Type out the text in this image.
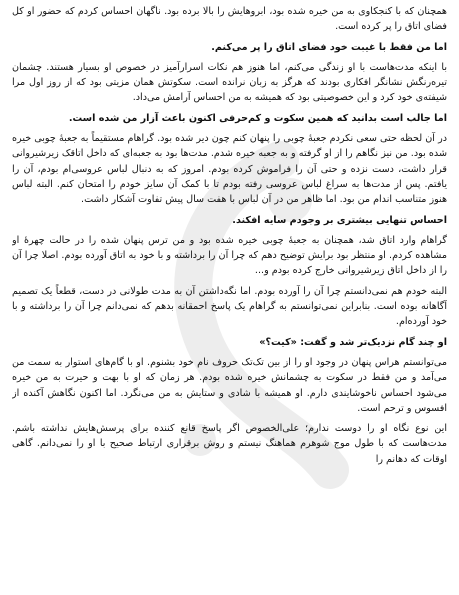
همچنان که با کنجکاوی به من خیره شده بود، ابروهایش را بالا برده بود. ناگهان احساس کردم که حضور او کل فضای اتاق را پر کرده است.

اما من فقط با غیبت خود فضای اتاق را پر می‌کنم.

با اینکه مدت‌هاست با او زندگی می‌کنم، اما هنوز هم نکات اسرارآمیز در خصوص او بسیار هستند. چشمان تیره‌رنگش نشانگر افکاری بودند که هرگز به زبان نرانده است. سکوتش همان مزیتی بود که از روز اول مرا شیفته‌ی خود کرد و این خصوصیتی بود که همیشه به من احساس آرامش می‌داد.

اما جالب است بدانید که همین سکوت و کم‌حرفی اکنون باعث آزار من شده است.

در آن لحظه حتی سعی نکردم جعبهٔ چوبی را پنهان کنم چون دیر شده بود. گراهام مستقیماً به جعبهٔ چوبی خیره شده بود. من نیز نگاهم را از او گرفته و به جعبه خیره شدم. مدت‌ها بود به جعبه‌ای که داخل اتاقک زیرشیروانی قرار داشت، دست نزده و حتی آن را فراموش کرده بودم. امروز که به دنبال لباس عروسی‌ام بودم، آن را یافتم. پس از مدت‌ها به سراغ لباس عروسی رفته بودم تا با کمک آن سایز خودم را امتحان کنم. البته لباس هنوز متناسب اندام من بود. اما ظاهر من در آن لباس با هفت سال پیش تفاوت آشکار داشت.

احساس تنهایی بیشتری بر وجودم سایه افکند.

گراهام وارد اتاق شد، همچنان به جعبهٔ چوبی خیره شده بود و من ترس پنهان شده را در حالت چهره‌ٔ او مشاهده کردم. او منتظر بود برایش توضیح دهم که چرا آن را برداشته و با خود به اتاق آورده بودم. اصلا چرا آن را از داخل اتاق زیرشیروانی خارج کرده بودم و...

البته خودم هم نمی‌دانستم چرا آن را آورده بودم. اما نگه‌داشتن آن به مدت طولانی در دست، قطعاً یک تصمیم آگاهانه بوده است. بنابراین نمی‌توانستم به گراهام یک پاسخ احمقانه بدهم که نمی‌دانم چرا آن را برداشته و با خود آورده‌ام.

او چند گام نزدیک‌تر شد و گفت: «کیت؟»

می‌توانستم هراس پنهان در وجود او را از بین تک‌تک حروف نام خود بشنوم. او با گام‌های استوار به سمت من می‌آمد و من فقط در سکوت به چشمانش خیره شده بودم. هر زمان که او با بهت و حیرت به من خیره می‌شود احساس ناخوشایندی دارم. او همیشه با شادی و ستایش به من می‌نگرد. اما اکنون نگاهش آکنده از افسوس و ترحم است.

این نوع نگاه او را دوست ندارم؛ علی‌الخصوص اگر پاسخ قانع کننده برای پرسش‌هایش نداشته باشم. مدت‌هاست که با طول موج شوهرم هماهنگ نیستم و روش برقراری ارتباط صحیح با او را نمی‌دانم. گاهی اوقات که دهانم را
